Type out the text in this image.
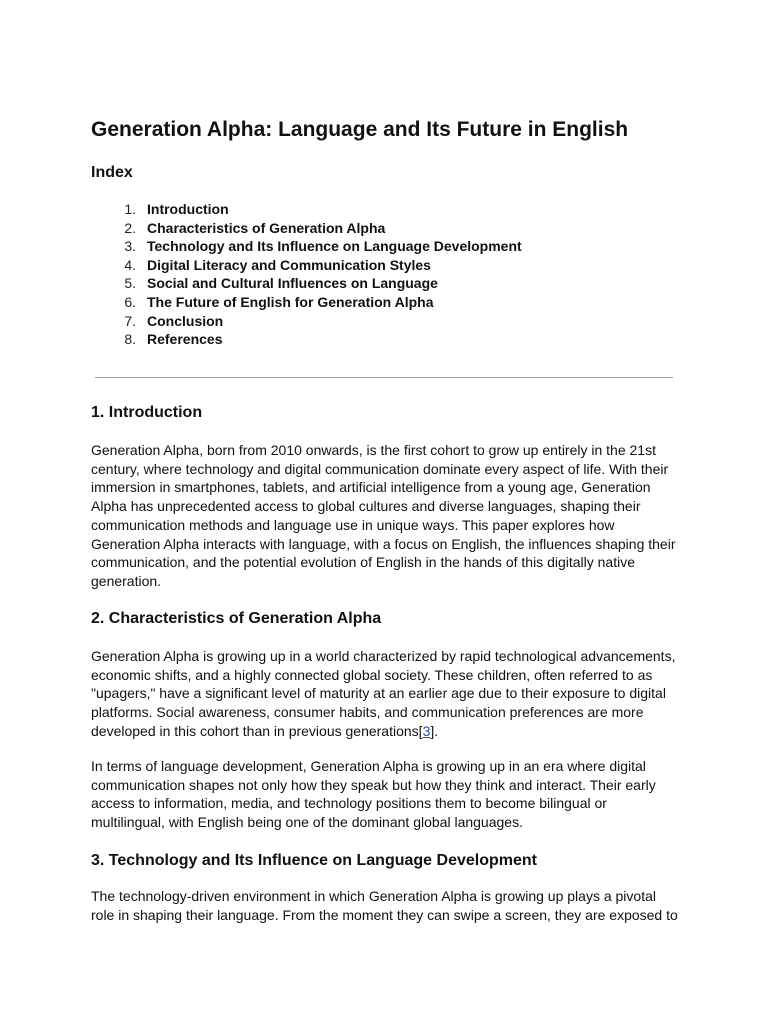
Generation Alpha: Language and Its Future in English
Index
1. Introduction
2. Characteristics of Generation Alpha
3. Technology and Its Influence on Language Development
4. Digital Literacy and Communication Styles
5. Social and Cultural Influences on Language
6. The Future of English for Generation Alpha
7. Conclusion
8. References
1. Introduction

Generation Alpha, born from 2010 onwards, is the first cohort to grow up entirely in the 21st century, where technology and digital communication dominate every aspect of life. With their immersion in smartphones, tablets, and artificial intelligence from a young age, Generation Alpha has unprecedented access to global cultures and diverse languages, shaping their communication methods and language use in unique ways. This paper explores how Generation Alpha interacts with language, with a focus on English, the influences shaping their communication, and the potential evolution of English in the hands of this digitally native generation.

2. Characteristics of Generation Alpha

Generation Alpha is growing up in a world characterized by rapid technological advancements, economic shifts, and a highly connected global society. These children, often referred to as "upagers," have a significant level of maturity at an earlier age due to their exposure to digital platforms. Social awareness, consumer habits, and communication preferences are more developed in this cohort than in previous generations[3].

In terms of language development, Generation Alpha is growing up in an era where digital communication shapes not only how they speak but how they think and interact. Their early access to information, media, and technology positions them to become bilingual or multilingual, with English being one of the dominant global languages.

3. Technology and Its Influence on Language Development

The technology-driven environment in which Generation Alpha is growing up plays a pivotal role in shaping their language. From the moment they can swipe a screen, they are exposed to
